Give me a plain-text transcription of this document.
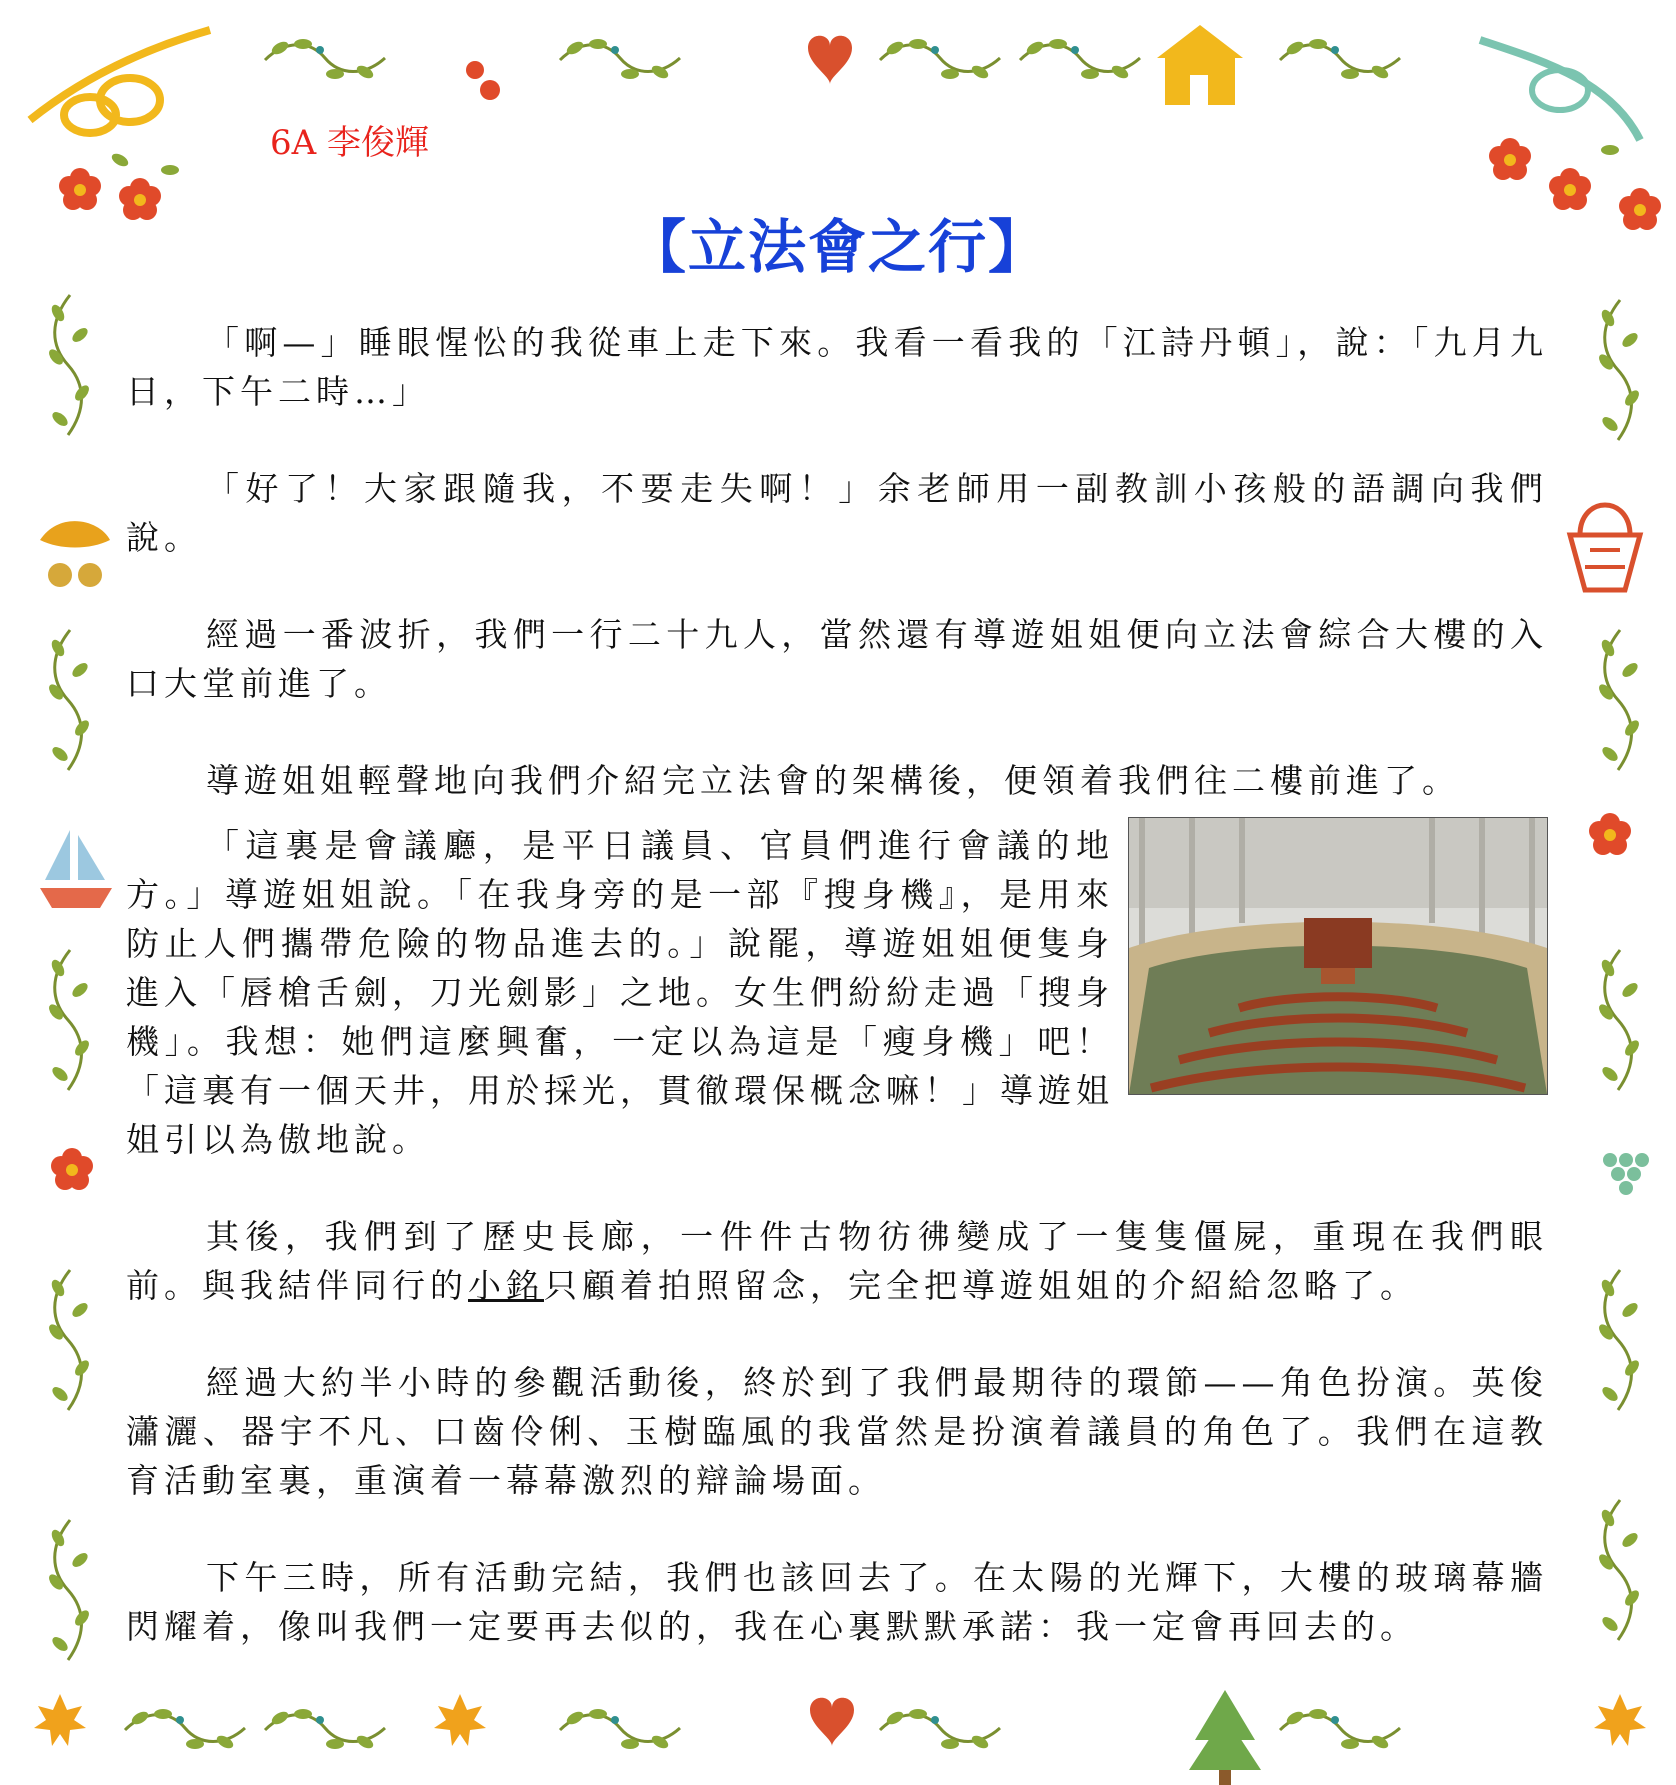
6A 李俊輝
【立法會之行】

「啊—」睡眼惺忪的我從車上走下來。我看一看我的「江詩丹頓」，說：「九月九日，下午二時…」

「好了！大家跟隨我，不要走失啊！」余老師用一副教訓小孩般的語調向我們說。

經過一番波折，我們一行二十九人，當然還有導遊姐姐便向立法會綜合大樓的入口大堂前進了。

導遊姐姐輕聲地向我們介紹完立法會的架構後，便領着我們往二樓前進了。

「這裏是會議廳，是平日議員、官員們進行會議的地方。」導遊姐姐說。「在我身旁的是一部『搜身機』，是用來防止人們攜帶危險的物品進去的。」說罷，導遊姐姐便隻身進入「唇槍舌劍，刀光劍影」之地。女生們紛紛走過「搜身機」。我想：她們這麼興奮，一定以為這是「瘦身機」吧！「這裏有一個天井，用於採光，貫徹環保概念嘛！」導遊姐姐引以為傲地說。

其後，我們到了歷史長廊，一件件古物彷彿變成了一隻隻僵屍，重現在我們眼前。與我結伴同行的小銘只顧着拍照留念，完全把導遊姐姐的介紹給忽略了。

經過大約半小時的參觀活動後，終於到了我們最期待的環節——角色扮演。英俊瀟灑、器宇不凡、口齒伶俐、玉樹臨風的我當然是扮演着議員的角色了。我們在這教育活動室裏，重演着一幕幕激烈的辯論場面。

下午三時，所有活動完結，我們也該回去了。在太陽的光輝下，大樓的玻璃幕牆閃耀着，像叫我們一定要再去似的，我在心裏默默承諾：我一定會再回去的。
